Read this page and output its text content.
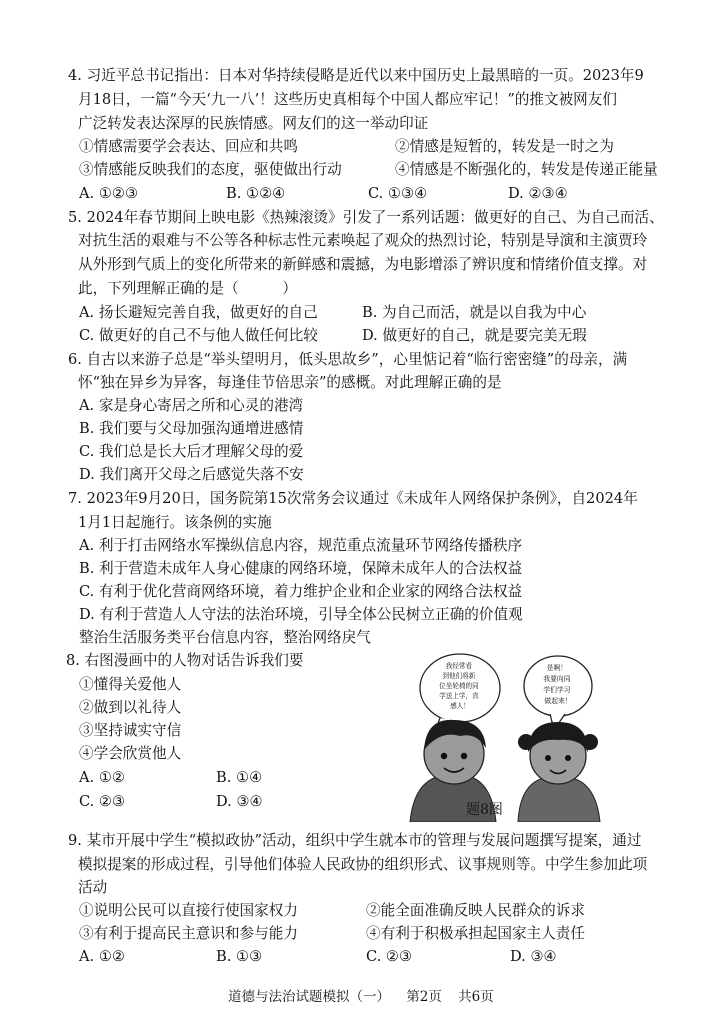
4. 习近平总书记指出：日本对华持续侵略是近代以来中国历史上最黑暗的一页。2023年9
月18日，一篇“今天‘九一八’！这些历史真相每个中国人都应牢记！”的推文被网友们
广泛转发表达深厚的民族情感。网友们的这一举动印证
①情感需要学会表达、回应和共鸣	②情感是短暂的，转发是一时之为
③情感能反映我们的态度，驱使做出行动	④情感是不断强化的，转发是传递正能量
A. ①②③	B. ①②④	C. ①③④	D. ②③④
5. 2024年春节期间上映电影《热辣滚烫》引发了一系列话题：做更好的自己、为自己而活、
对抗生活的艰难与不公等各种标志性元素唤起了观众的热烈讨论，特别是导演和主演贾玲
从外形到气质上的变化所带来的新鲜感和震撼，为电影增添了辨识度和情绪价值支撑。对
此，下列理解正确的是（　　　）
A. 扬长避短完善自我，做更好的自己	B. 为自己而活，就是以自我为中心
C. 做更好的自己不与他人做任何比较	D. 做更好的自己，就是要完美无瑕
6. 自古以来游子总是“举头望明月，低头思故乡”，心里惦记着“临行密密缝”的母亲，满
怀“独在异乡为异客，每逢佳节倍思亲”的感概。对此理解正确的是
A. 家是身心寄居之所和心灵的港湾
B. 我们要与父母加强沟通增进感情
C. 我们总是长大后才理解父母的爱
D. 我们离开父母之后感觉失落不安
7. 2023年9月20日，国务院第15次常务会议通过《未成年人网络保护条例》，自2024年
1月1日起施行。该条例的实施
A. 利于打击网络水军操纵信息内容，规范重点流量环节网络传播秩序
B. 利于营造未成年人身心健康的网络环境，保障未成年人的合法权益
C. 有利于优化营商网络环境，着力维护企业和企业家的网络合法权益
D. 有利于营造人人守法的法治环境，引导全体公民树立正确的价值观
整治生活服务类平台信息内容，整治网络戾气
8. 右图漫画中的人物对话告诉我们要
①懂得关爱他人
②做到以礼待人
③坚持诚实守信
④学会欣赏他人
A. ①②	B. ①④
C. ②③	D. ③④
我经常看 到他们将新 位坐轮椅的同 学送上学，真 感人！
是啊！ 我要向同 学们学习 做起来！
题8图
9. 某市开展中学生“模拟政协”活动，组织中学生就本市的管理与发展问题撰写提案，通过
模拟提案的形成过程，引导他们体验人民政协的组织形式、议事规则等。中学生参加此项
活动
①说明公民可以直接行使国家权力	②能全面准确反映人民群众的诉求
③有利于提高民主意识和参与能力	④有利于积极承担起国家主人责任
A. ①②	B. ①③	C. ②③	D. ③④
道德与法治试题模拟（一） 第2页 共6页
